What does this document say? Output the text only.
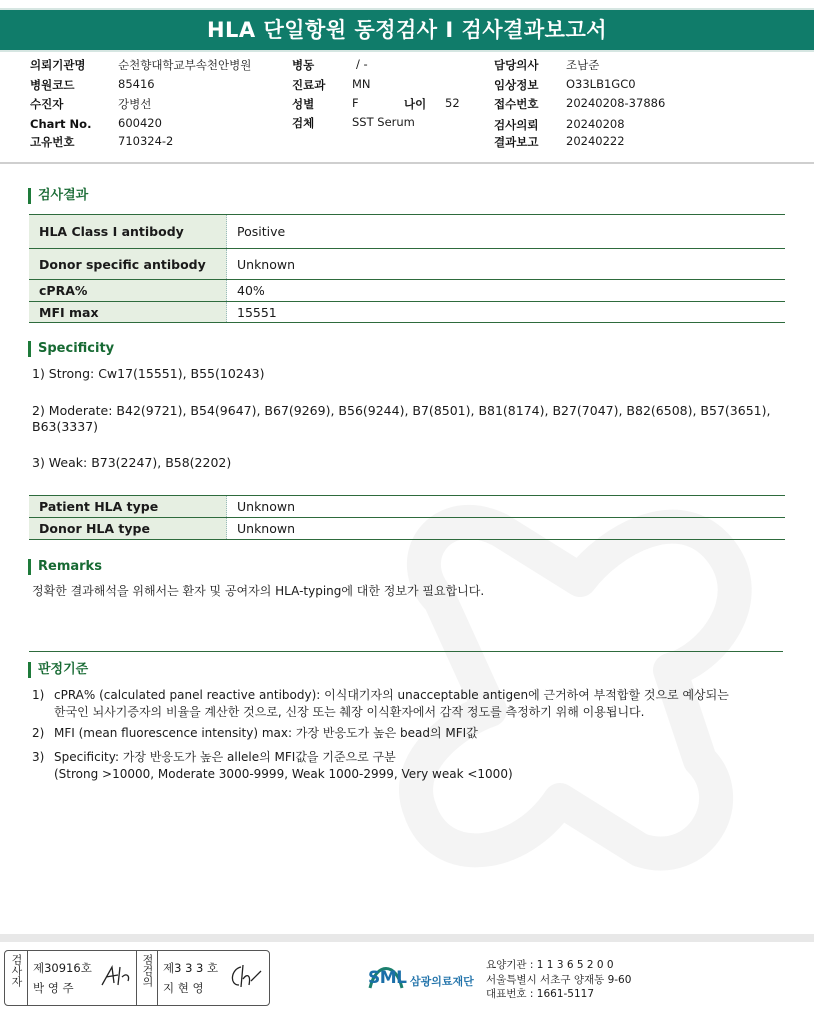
HLA 단일항원 동정검사 I 검사결과보고서
의뢰기관명	순천향대학교부속천안병원
병원코드	85416
수진자	강병선
Chart No. 600420
고유번호	710324-2
병동	/ -
진료과 MN
성별	F	나이 52
검체	SST Serum
담당의사 조남준
임상정보 O33LB1GC0
접수번호 20240208-37886
검사의뢰 20240208
결과보고 20240222
검사결과
HLA Class I antibody	Positive
Donor specific antibody	Unknown
cPRA%	40%
MFI max	15551
Specificity
1) Strong: Cw17(15551), B55(10243)
2) Moderate: B42(9721), B54(9647), B67(9269), B56(9244), B7(8501), B81(8174), B27(7047), B82(6508), B57(3651), B63(3337)
3) Weak: B73(2247), B58(2202)
Patient HLA type	Unknown
Donor HLA type	Unknown
Remarks
정확한 결과해석을 위해서는 환자 및 공여자의 HLA-typing에 대한 정보가 필요합니다.
판정기준
1) cPRA% (calculated panel reactive antibody): 이식대기자의 unacceptable antigen에 근거하여 부적합할 것으로 예상되는
한국인 뇌사기증자의 비율을 계산한 것으로, 신장 또는 췌장 이식환자에서 감작 정도를 측정하기 위해 이용됩니다.
2) MFI (mean fluorescence intensity) max: 가장 반응도가 높은 bead의 MFI값
3) Specificity: 가장 반응도가 높은 allele의 MFI값을 기준으로 구분
(Strong >10000, Moderate 3000-9999, Weak 1000-2999, Very weak <1000)
검사자 제30916호
박 영 주
점검의 제3 3 3 호
지 현 영	SML 삼광의료재단
요양기관 : 1 1 3 6 5 2 0 0
서울특별시 서초구 양재동 9-60
대표번호 : 1661-5117
